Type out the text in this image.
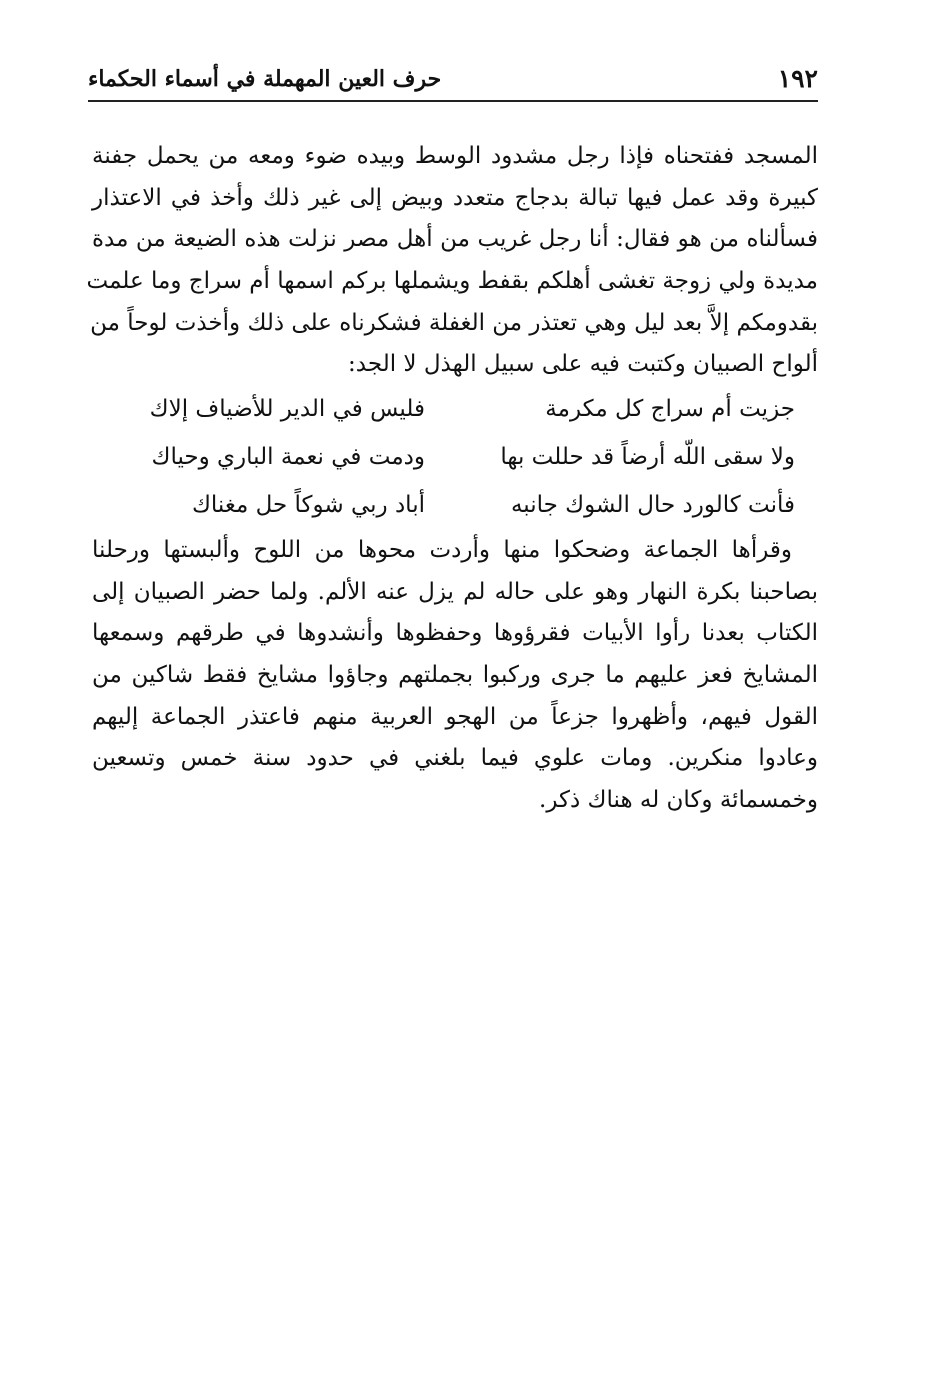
١٩٢
حرف العين المهملة في أسماء الحكماء
المسجد ففتحناه فإذا رجل مشدود الوسط وبيده ضوء ومعه من يحمل جفنة
كبيرة وقد عمل فيها تبالة بدجاج متعدد وبيض إلى غير ذلك وأخذ في الاعتذار
فسألناه من هو فقال: أنا رجل غريب من أهل مصر نزلت هذه الضيعة من مدة
مديدة ولي زوجة تغشى أهلكم بقفط ويشملها بركم اسمها أم سراج وما علمت
بقدومكم إلاَّ بعد ليل وهي تعتذر من الغفلة فشكرناه على ذلك وأخذت لوحاً من
ألواح الصبيان وكتبت فيه على سبيل الهذل لا الجد:
جزيت أم سراج كل مكرمة
فليس في الدير للأضياف إلاك
ولا سقى اللّه أرضاً قد حللت بها
ودمت في نعمة الباري وحياك
فأنت كالورد حال الشوك جانبه
أباد ربي شوكاً حل مغناك
وقرأها الجماعة وضحكوا منها وأردت محوها من اللوح وألبستها ورحلنا
بصاحبنا بكرة النهار وهو على حاله لم يزل عنه الألم. ولما حضر الصبيان إلى
الكتاب بعدنا رأوا الأبيات فقرؤوها وحفظوها وأنشدوها في طرقهم وسمعها
المشايخ فعز عليهم ما جرى وركبوا بجملتهم وجاؤوا مشايخ فقط شاكين من
القول فيهم، وأظهروا جزعاً من الهجو العربية منهم فاعتذر الجماعة إليهم
وعادوا منكرين. ومات علوي فيما بلغني في حدود سنة خمس وتسعين
وخمسمائة وكان له هناك ذكر.
